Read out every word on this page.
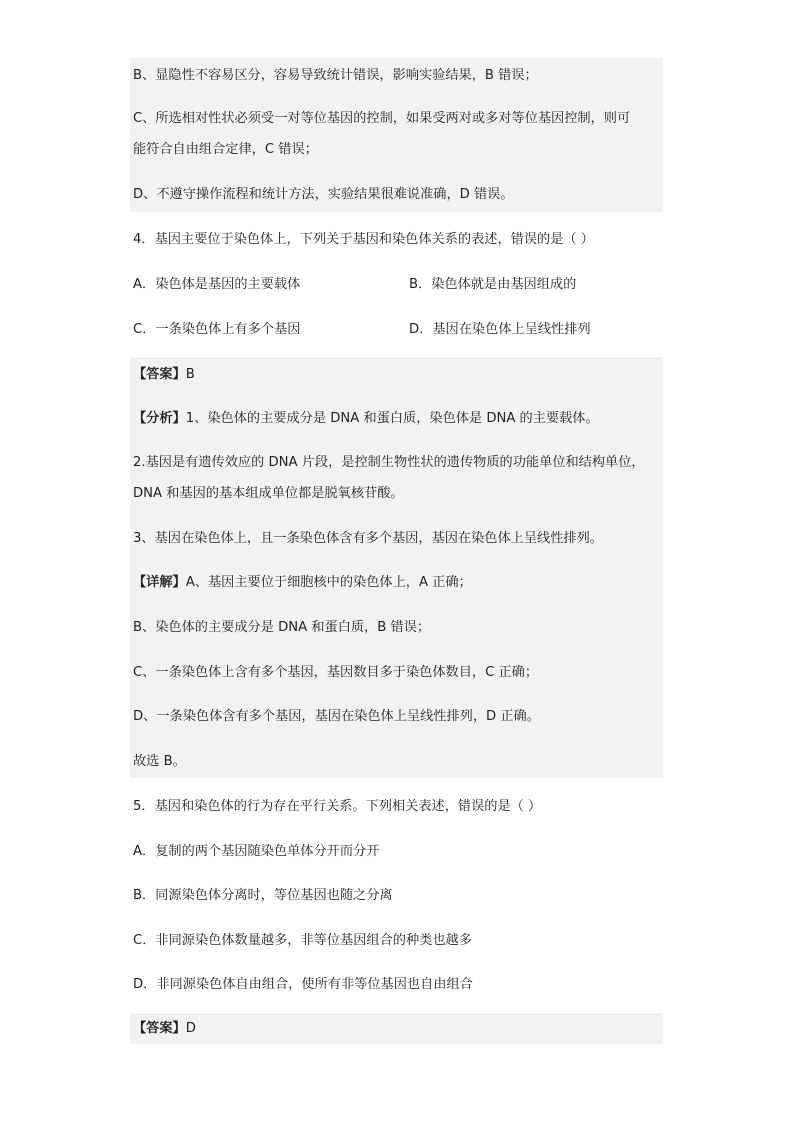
B、显隐性不容易区分，容易导致统计错误，影响实验结果，B 错误；
C、所选相对性状必须受一对等位基因的控制，如果受两对或多对等位基因控制，则可
能符合自由组合定律，C 错误；
D、不遵守操作流程和统计方法，实验结果很难说准确，D 错误。
4．基因主要位于染色体上，下列关于基因和染色体关系的表述，错误的是（ ）
A．染色体是基因的主要载体	B．染色体就是由基因组成的
C．一条染色体上有多个基因	D．基因在染色体上呈线性排列
【答案】B
【分析】1、染色体的主要成分是 DNA 和蛋白质，染色体是 DNA 的主要载体。
2.基因是有遗传效应的 DNA 片段，是控制生物性状的遗传物质的功能单位和结构单位，
DNA 和基因的基本组成单位都是脱氧核苷酸。
3、基因在染色体上，且一条染色体含有多个基因，基因在染色体上呈线性排列。
【详解】A、基因主要位于细胞核中的染色体上，A 正确；
B、染色体的主要成分是 DNA 和蛋白质，B 错误；
C、一条染色体上含有多个基因，基因数目多于染色体数目，C 正确；
D、一条染色体含有多个基因，基因在染色体上呈线性排列，D 正确。
故选 B。
5．基因和染色体的行为存在平行关系。下列相关表述，错误的是（ ）
A．复制的两个基因随染色单体分开而分开
B．同源染色体分离时，等位基因也随之分离
C．非同源染色体数量越多，非等位基因组合的种类也越多
D．非同源染色体自由组合，使所有非等位基因也自由组合
【答案】D
